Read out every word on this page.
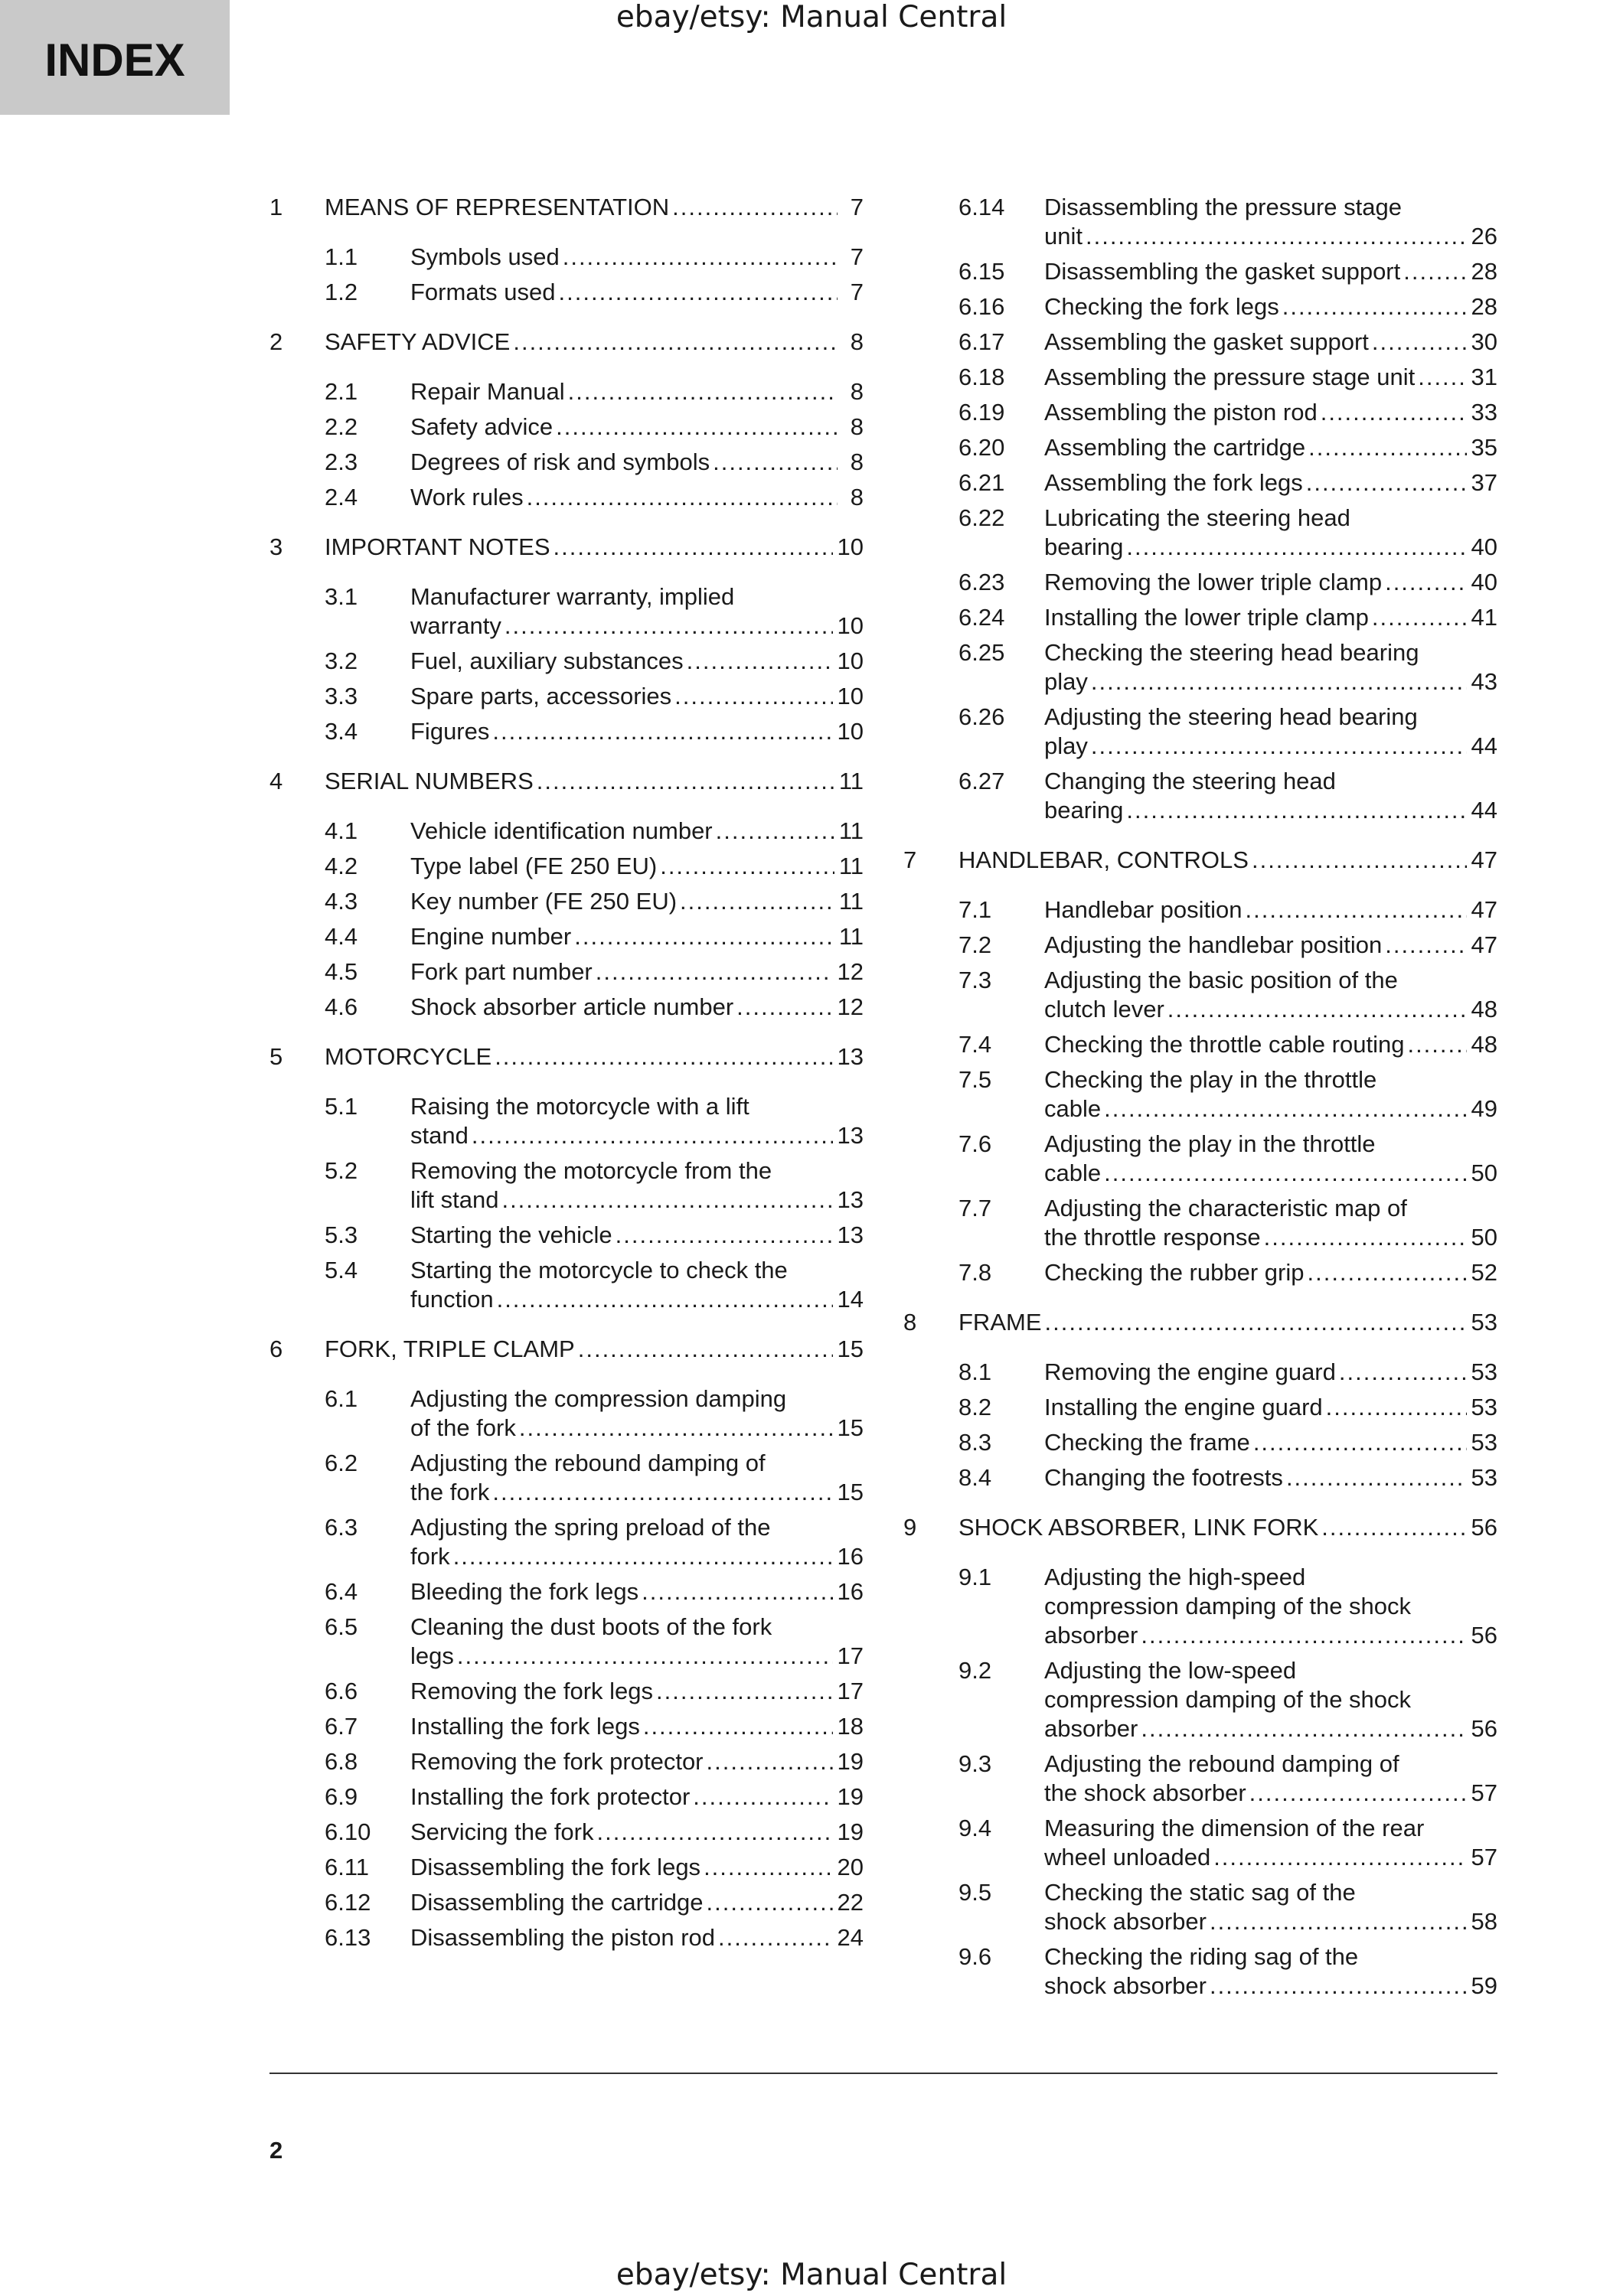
ebay/etsy: Manual Central
INDEX
1	MEANS OF REPRESENTATION .....	7
1.1	Symbols used .....	7
1.2	Formats used .....	7
2	SAFETY ADVICE .....	8
2.1	Repair Manual .....	8
2.2	Safety advice .....	8
2.3	Degrees of risk and symbols .....	8
2.4	Work rules .....	8
3	IMPORTANT NOTES .....	10
3.1	Manufacturer warranty, implied
warranty .....	10
3.2	Fuel, auxiliary substances .....	10
3.3	Spare parts, accessories .....	10
3.4	Figures .....	10
4	SERIAL NUMBERS .....	11
4.1	Vehicle identification number .....	11
4.2	Type label (FE 250 EU) .....	11
4.3	Key number (FE 250 EU) .....	11
4.4	Engine number .....	11
4.5	Fork part number .....	12
4.6	Shock absorber article number .....	12
5	MOTORCYCLE .....	13
5.1	Raising the motorcycle with a lift
stand .....	13
5.2	Removing the motorcycle from the
lift stand .....	13
5.3	Starting the vehicle .....	13
5.4	Starting the motorcycle to check the
function .....	14
6	FORK, TRIPLE CLAMP .....	15
6.1	Adjusting the compression damping
of the fork .....	15
6.2	Adjusting the rebound damping of
the fork .....	15
6.3	Adjusting the spring preload of the
fork .....	16
6.4	Bleeding the fork legs .....	16
6.5	Cleaning the dust boots of the fork
legs .....	17
6.6	Removing the fork legs .....	17
6.7	Installing the fork legs .....	18
6.8	Removing the fork protector .....	19
6.9	Installing the fork protector .....	19
6.10	Servicing the fork .....	19
6.11	Disassembling the fork legs .....	20
6.12	Disassembling the cartridge .....	22
6.13	Disassembling the piston rod .....	24
6.14	Disassembling the pressure stage
unit .....	26
6.15	Disassembling the gasket support .....	28
6.16	Checking the fork legs .....	28
6.17	Assembling the gasket support .....	30
6.18	Assembling the pressure stage unit ..... 31
6.19	Assembling the piston rod .....	33
6.20	Assembling the cartridge .....	35
6.21	Assembling the fork legs .....	37
6.22	Lubricating the steering head
bearing .....	40
6.23	Removing the lower triple clamp .....	40
6.24	Installing the lower triple clamp .....	41
6.25	Checking the steering head bearing
play .....	43
6.26	Adjusting the steering head bearing
play .....	44
6.27	Changing the steering head
bearing .....	44
7	HANDLEBAR, CONTROLS .....	47
7.1	Handlebar position .....	47
7.2	Adjusting the handlebar position .....	47
7.3	Adjusting the basic position of the
clutch lever .....	48
7.4	Checking the throttle cable routing .....	48
7.5	Checking the play in the throttle
cable .....	49
7.6	Adjusting the play in the throttle
cable .....	50
7.7	Adjusting the characteristic map of
the throttle response .....	50
7.8	Checking the rubber grip .....	52
8	FRAME .....	53
8.1	Removing the engine guard .....	53
8.2	Installing the engine guard .....	53
8.3	Checking the frame .....	53
8.4	Changing the footrests .....	53
9	SHOCK ABSORBER, LINK FORK .....	56
9.1	Adjusting the high-speed
compression damping of the shock
absorber .....	56
9.2	Adjusting the low-speed
compression damping of the shock
absorber .....	56
9.3	Adjusting the rebound damping of
the shock absorber .....	57
9.4	Measuring the dimension of the rear
wheel unloaded .....	57
9.5	Checking the static sag of the
shock absorber .....	58
9.6	Checking the riding sag of the
shock absorber .....	59
2
ebay/etsy: Manual Central
